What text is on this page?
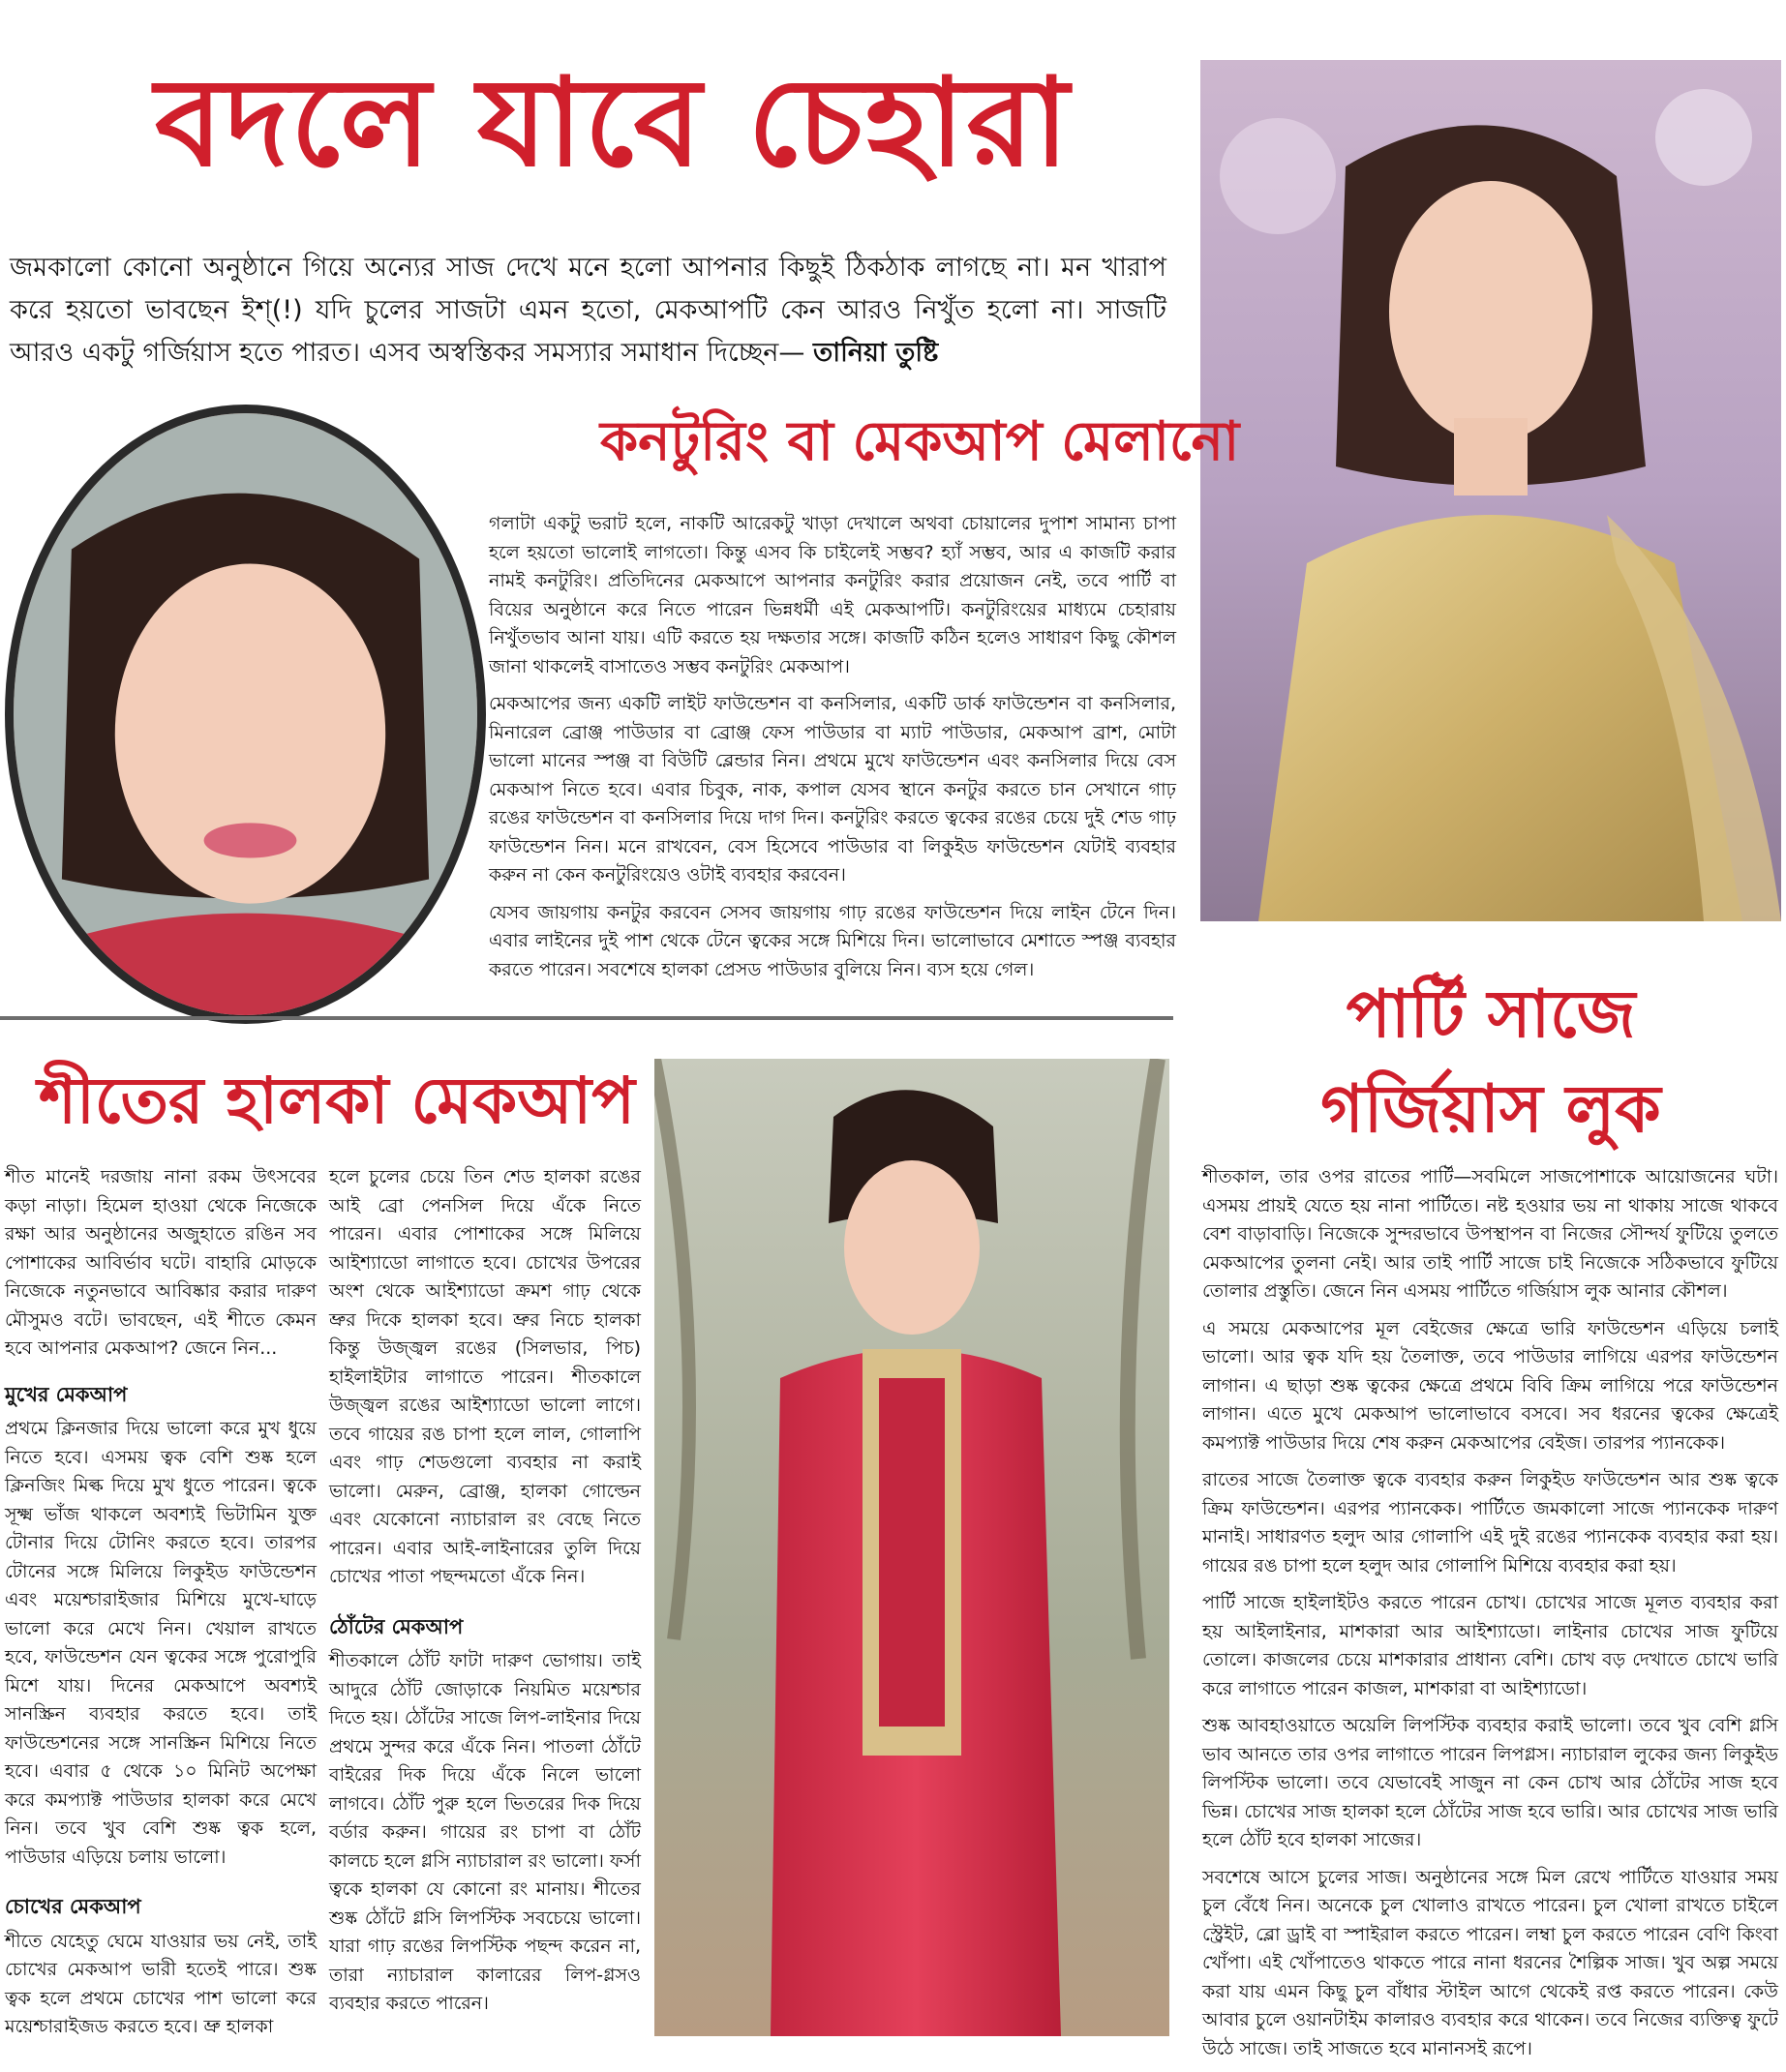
বদলে যাবে চেহারা
জমকালো কোনো অনুষ্ঠানে গিয়ে অন্যের সাজ দেখে মনে হলো আপনার কিছুই ঠিকঠাক লাগছে না। মন খারাপ করে হয়তো ভাবছেন ইশ্(!) যদি চুলের সাজটা এমন হতো, মেকআপটি কেন আরও নিখুঁত হলো না। সাজটি আরও একটু গর্জিয়াস হতে পারত। এসব অস্বস্তিকর সমস্যার সমাধান দিচ্ছেন— তানিয়া তুষ্টি
কনটুরিং বা মেকআপ মেলানো

গলাটা একটু ভরাট হলে, নাকটি আরেকটু খাড়া দেখালে অথবা চোয়ালের দুপাশ সামান্য চাপা হলে হয়তো ভালোই লাগতো। কিন্তু এসব কি চাইলেই সম্ভব? হ্যাঁ সম্ভব, আর এ কাজটি করার নামই কনটুরিং। প্রতিদিনের মেকআপে আপনার কনটুরিং করার প্রয়োজন নেই, তবে পার্টি বা বিয়ের অনুষ্ঠানে করে নিতে পারেন ভিন্নধর্মী এই মেকআপটি। কনটুরিংয়ের মাধ্যমে চেহারায় নিখুঁতভাব আনা যায়। এটি করতে হয় দক্ষতার সঙ্গে। কাজটি কঠিন হলেও সাধারণ কিছু কৌশল জানা থাকলেই বাসাতেও সম্ভব কনটুরিং মেকআপ।

মেকআপের জন্য একটি লাইট ফাউন্ডেশন বা কনসিলার, একটি ডার্ক ফাউন্ডেশন বা কনসিলার, মিনারেল ব্রোঞ্জ পাউডার বা ব্রোঞ্জ ফেস পাউডার বা ম্যাট পাউডার, মেকআপ ব্রাশ, মোটা ভালো মানের স্পঞ্জ বা বিউটি ব্লেন্ডার নিন। প্রথমে মুখে ফাউন্ডেশন এবং কনসিলার দিয়ে বেস মেকআপ নিতে হবে। এবার চিবুক, নাক, কপাল যেসব স্থানে কনটুর করতে চান সেখানে গাঢ় রঙের ফাউন্ডেশন বা কনসিলার দিয়ে দাগ দিন। কনটুরিং করতে ত্বকের রঙের চেয়ে দুই শেড গাঢ় ফাউন্ডেশন নিন। মনে রাখবেন, বেস হিসেবে পাউডার বা লিকুইড ফাউন্ডেশন যেটাই ব্যবহার করুন না কেন কনটুরিংয়েও ওটাই ব্যবহার করবেন।

যেসব জায়গায় কনটুর করবেন সেসব জায়গায় গাঢ় রঙের ফাউন্ডেশন দিয়ে লাইন টেনে দিন। এবার লাইনের দুই পাশ থেকে টেনে ত্বকের সঙ্গে মিশিয়ে দিন। ভালোভাবে মেশাতে স্পঞ্জ ব্যবহার করতে পারেন। সবশেষে হালকা প্রেসড পাউডার বুলিয়ে নিন। ব্যস হয়ে গেল।

পার্টি সাজে
গর্জিয়াস লুক
শীতের হালকা মেকআপ

শীত মানেই দরজায় নানা রকম উৎসবের কড়া নাড়া। হিমেল হাওয়া থেকে নিজেকে রক্ষা আর অনুষ্ঠানের অজুহাতে রঙিন সব পোশাকের আবির্ভাব ঘটে। বাহারি মোড়কে নিজেকে নতুনভাবে আবিষ্কার করার দারুণ মৌসুমও বটে। ভাবছেন, এই শীতে কেমন হবে আপনার মেকআপ? জেনে নিন...

মুখের মেকআপ

প্রথমে ক্লিনজার দিয়ে ভালো করে মুখ ধুয়ে নিতে হবে। এসময় ত্বক বেশি শুষ্ক হলে ক্লিনজিং মিল্ক দিয়ে মুখ ধুতে পারেন। ত্বকে সূক্ষ্ম ভাঁজ থাকলে অবশ্যই ভিটামিন যুক্ত টোনার দিয়ে টোনিং করতে হবে। তারপর টোনের সঙ্গে মিলিয়ে লিকুইড ফাউন্ডেশন এবং ময়েশ্চারাইজার মিশিয়ে মুখে-ঘাড়ে ভালো করে মেখে নিন। খেয়াল রাখতে হবে, ফাউন্ডেশন যেন ত্বকের সঙ্গে পুরোপুরি মিশে যায়। দিনের মেকআপে অবশ্যই সানস্ক্রিন ব্যবহার করতে হবে। তাই ফাউন্ডেশনের সঙ্গে সানস্ক্রিন মিশিয়ে নিতে হবে। এবার ৫ থেকে ১০ মিনিট অপেক্ষা করে কমপ্যাক্ট পাউডার হালকা করে মেখে নিন। তবে খুব বেশি শুষ্ক ত্বক হলে, পাউডার এড়িয়ে চলায় ভালো।

চোখের মেকআপ

শীতে যেহেতু ঘেমে যাওয়ার ভয় নেই, তাই চোখের মেকআপ ভারী হতেই পারে। শুষ্ক ত্বক হলে প্রথমে চোখের পাশ ভালো করে ময়েশ্চারাইজড করতে হবে। ভ্রু হালকা

হলে চুলের চেয়ে তিন শেড হালকা রঙের আই ব্রো পেনসিল দিয়ে এঁকে নিতে পারেন। এবার পোশাকের সঙ্গে মিলিয়ে আইশ্যাডো লাগাতে হবে। চোখের উপরের অংশ থেকে আইশ্যাডো ক্রমশ গাঢ় থেকে ভ্রুর দিকে হালকা হবে। ভ্রুর নিচে হালকা কিন্তু উজ্জ্বল রঙের (সিলভার, পিচ) হাইলাইটার লাগাতে পারেন। শীতকালে উজ্জ্বল রঙের আইশ্যাডো ভালো লাগে। তবে গায়ের রঙ চাপা হলে লাল, গোলাপি এবং গাঢ় শেডগুলো ব্যবহার না করাই ভালো। মেরুন, ব্রোঞ্জ, হালকা গোল্ডেন এবং যেকোনো ন্যাচারাল রং বেছে নিতে পারেন। এবার আই-লাইনারের তুলি দিয়ে চোখের পাতা পছন্দমতো এঁকে নিন।

ঠোঁটের মেকআপ

শীতকালে ঠোঁট ফাটা দারুণ ভোগায়। তাই আদুরে ঠোঁট জোড়াকে নিয়মিত ময়েশ্চার দিতে হয়। ঠোঁটের সাজে লিপ-লাইনার দিয়ে প্রথমে সুন্দর করে এঁকে নিন। পাতলা ঠোঁটে বাইরের দিক দিয়ে এঁকে নিলে ভালো লাগবে। ঠোঁট পুরু হলে ভিতরের দিক দিয়ে বর্ডার করুন। গায়ের রং চাপা বা ঠোঁট কালচে হলে গ্লসি ন্যাচারাল রং ভালো। ফর্সা ত্বকে হালকা যে কোনো রং মানায়। শীতের শুষ্ক ঠোঁটে গ্লসি লিপস্টিক সবচেয়ে ভালো। যারা গাঢ় রঙের লিপস্টিক পছন্দ করেন না, তারা ন্যাচারাল কালারের লিপ-গ্লসও ব্যবহার করতে পারেন।

শীতকাল, তার ওপর রাতের পার্টি—সবমিলে সাজপোশাকে আয়োজনের ঘটা। এসময় প্রায়ই যেতে হয় নানা পার্টিতে। নষ্ট হওয়ার ভয় না থাকায় সাজে থাকবে বেশ বাড়াবাড়ি। নিজেকে সুন্দরভাবে উপস্থাপন বা নিজের সৌন্দর্য ফুটিয়ে তুলতে মেকআপের তুলনা নেই। আর তাই পার্টি সাজে চাই নিজেকে সঠিকভাবে ফুটিয়ে তোলার প্রস্তুতি। জেনে নিন এসময় পার্টিতে গর্জিয়াস লুক আনার কৌশল।

এ সময়ে মেকআপের মূল বেইজের ক্ষেত্রে ভারি ফাউন্ডেশন এড়িয়ে চলাই ভালো। আর ত্বক যদি হয় তৈলাক্ত, তবে পাউডার লাগিয়ে এরপর ফাউন্ডেশন লাগান। এ ছাড়া শুষ্ক ত্বকের ক্ষেত্রে প্রথমে বিবি ক্রিম লাগিয়ে পরে ফাউন্ডেশন লাগান। এতে মুখে মেকআপ ভালোভাবে বসবে। সব ধরনের ত্বকের ক্ষেত্রেই কমপ্যাক্ট পাউডার দিয়ে শেষ করুন মেকআপের বেইজ। তারপর প্যানকেক।

রাতের সাজে তৈলাক্ত ত্বকে ব্যবহার করুন লিকুইড ফাউন্ডেশন আর শুষ্ক ত্বকে ক্রিম ফাউন্ডেশন। এরপর প্যানকেক। পার্টিতে জমকালো সাজে প্যানকেক দারুণ মানাই। সাধারণত হলুদ আর গোলাপি এই দুই রঙের প্যানকেক ব্যবহার করা হয়। গায়ের রঙ চাপা হলে হলুদ আর গোলাপি মিশিয়ে ব্যবহার করা হয়।

পার্টি সাজে হাইলাইটও করতে পারেন চোখ। চোখের সাজে মূলত ব্যবহার করা হয় আইলাইনার, মাশকারা আর আইশ্যাডো। লাইনার চোখের সাজ ফুটিয়ে তোলে। কাজলের চেয়ে মাশকারার প্রাধান্য বেশি। চোখ বড় দেখাতে চোখে ভারি করে লাগাতে পারেন কাজল, মাশকারা বা আইশ্যাডো।

শুষ্ক আবহাওয়াতে অয়েলি লিপস্টিক ব্যবহার করাই ভালো। তবে খুব বেশি গ্লসি ভাব আনতে তার ওপর লাগাতে পারেন লিপগ্লস। ন্যাচারাল লুকের জন্য লিকুইড লিপস্টিক ভালো। তবে যেভাবেই সাজুন না কেন চোখ আর ঠোঁটের সাজ হবে ভিন্ন। চোখের সাজ হালকা হলে ঠোঁটের সাজ হবে ভারি। আর চোখের সাজ ভারি হলে ঠোঁট হবে হালকা সাজের।

সবশেষে আসে চুলের সাজ। অনুষ্ঠানের সঙ্গে মিল রেখে পার্টিতে যাওয়ার সময় চুল বেঁধে নিন। অনেকে চুল খোলাও রাখতে পারেন। চুল খোলা রাখতে চাইলে স্ট্রেইট, ব্লো ড্রাই বা স্পাইরাল করতে পারেন। লম্বা চুল করতে পারেন বেণি কিংবা খোঁপা। এই খোঁপাতেও থাকতে পারে নানা ধরনের শৈল্পিক সাজ। খুব অল্প সময়ে করা যায় এমন কিছু চুল বাঁধার স্টাইল আগে থেকেই রপ্ত করতে পারেন। কেউ আবার চুলে ওয়ানটাইম কালারও ব্যবহার করে থাকেন। তবে নিজের ব্যক্তিত্ব ফুটে উঠে সাজে। তাই সাজতে হবে মানানসই রূপে।
